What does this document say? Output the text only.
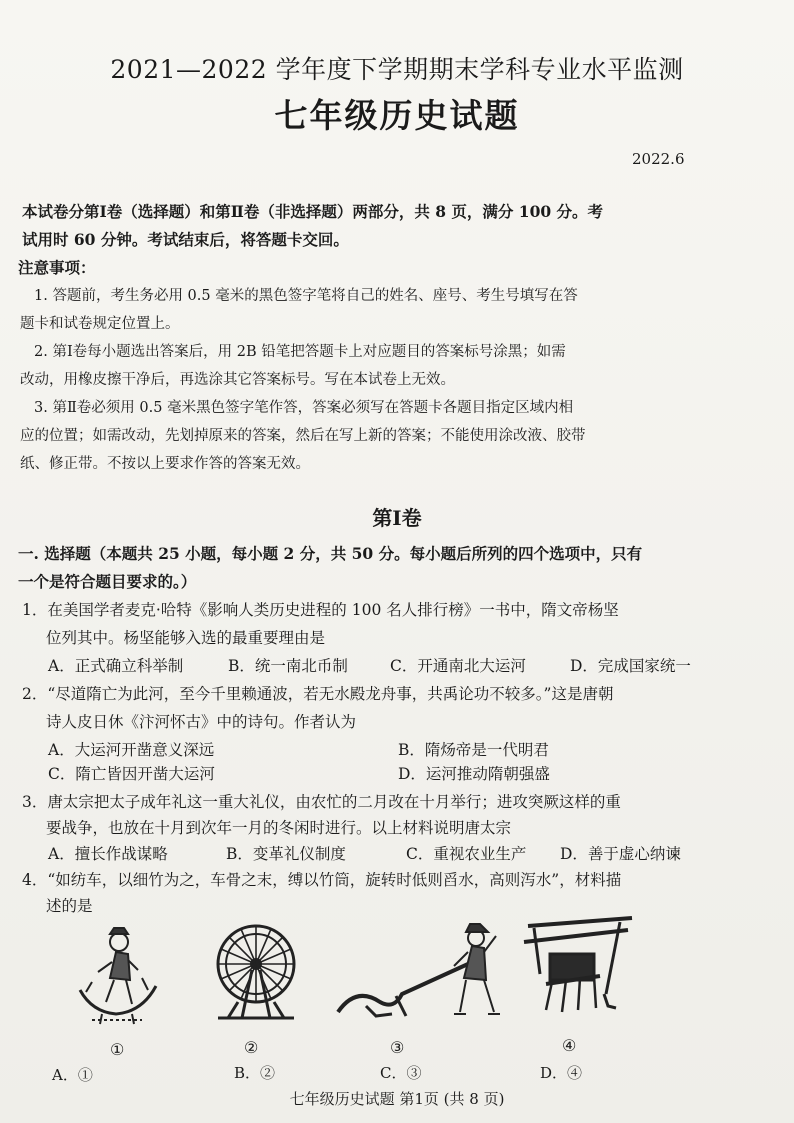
2021—2022 学年度下学期期末学科专业水平监测
七年级历史试题
2022.6
本试卷分第Ⅰ卷（选择题）和第Ⅱ卷（非选择题）两部分，共 8 页，满分 100 分。考
试用时 60 分钟。考试结束后，将答题卡交回。
注意事项：
1. 答题前，考生务必用 0.5 毫米的黑色签字笔将自己的姓名、座号、考生号填写在答
题卡和试卷规定位置上。
2. 第Ⅰ卷每小题选出答案后，用 2B 铅笔把答题卡上对应题目的答案标号涂黑；如需
改动，用橡皮擦干净后，再选涂其它答案标号。写在本试卷上无效。
3. 第Ⅱ卷必须用 0.5 毫米黑色签字笔作答，答案必须写在答题卡各题目指定区域内相
应的位置；如需改动，先划掉原来的答案，然后在写上新的答案；不能使用涂改液、胶带
纸、修正带。不按以上要求作答的答案无效。
第Ⅰ卷
一. 选择题（本题共 25 小题，每小题 2 分，共 50 分。每小题后所列的四个选项中，只有
一个是符合题目要求的。）
1．在美国学者麦克·哈特《影响人类历史进程的 100 名人排行榜》一书中，隋文帝杨坚
位列其中。杨坚能够入选的最重要理由是
A．正式确立科举制	B．统一南北币制	C．开通南北大运河	D．完成国家统一
2．“尽道隋亡为此河，至今千里赖通波，若无水殿龙舟事，共禹论功不较多。”这是唐朝
诗人皮日休《汴河怀古》中的诗句。作者认为
A．大运河开凿意义深远	B．隋炀帝是一代明君
C．隋亡皆因开凿大运河	D．运河推动隋朝强盛
3．唐太宗把太子成年礼这一重大礼仪，由农忙的二月改在十月举行；进攻突厥这样的重
要战争，也放在十月到次年一月的冬闲时进行。以上材料说明唐太宗
A．擅长作战谋略	B．变革礼仪制度	C．重视农业生产 D．善于虚心纳谏
4．“如纺车，以细竹为之，车骨之末，缚以竹筒，旋转时低则舀水，高则泻水”，材料描
述的是
①	②	③	④
A．①	B．②	C．③	D．④
七年级历史试题 第1页 (共 8 页)
